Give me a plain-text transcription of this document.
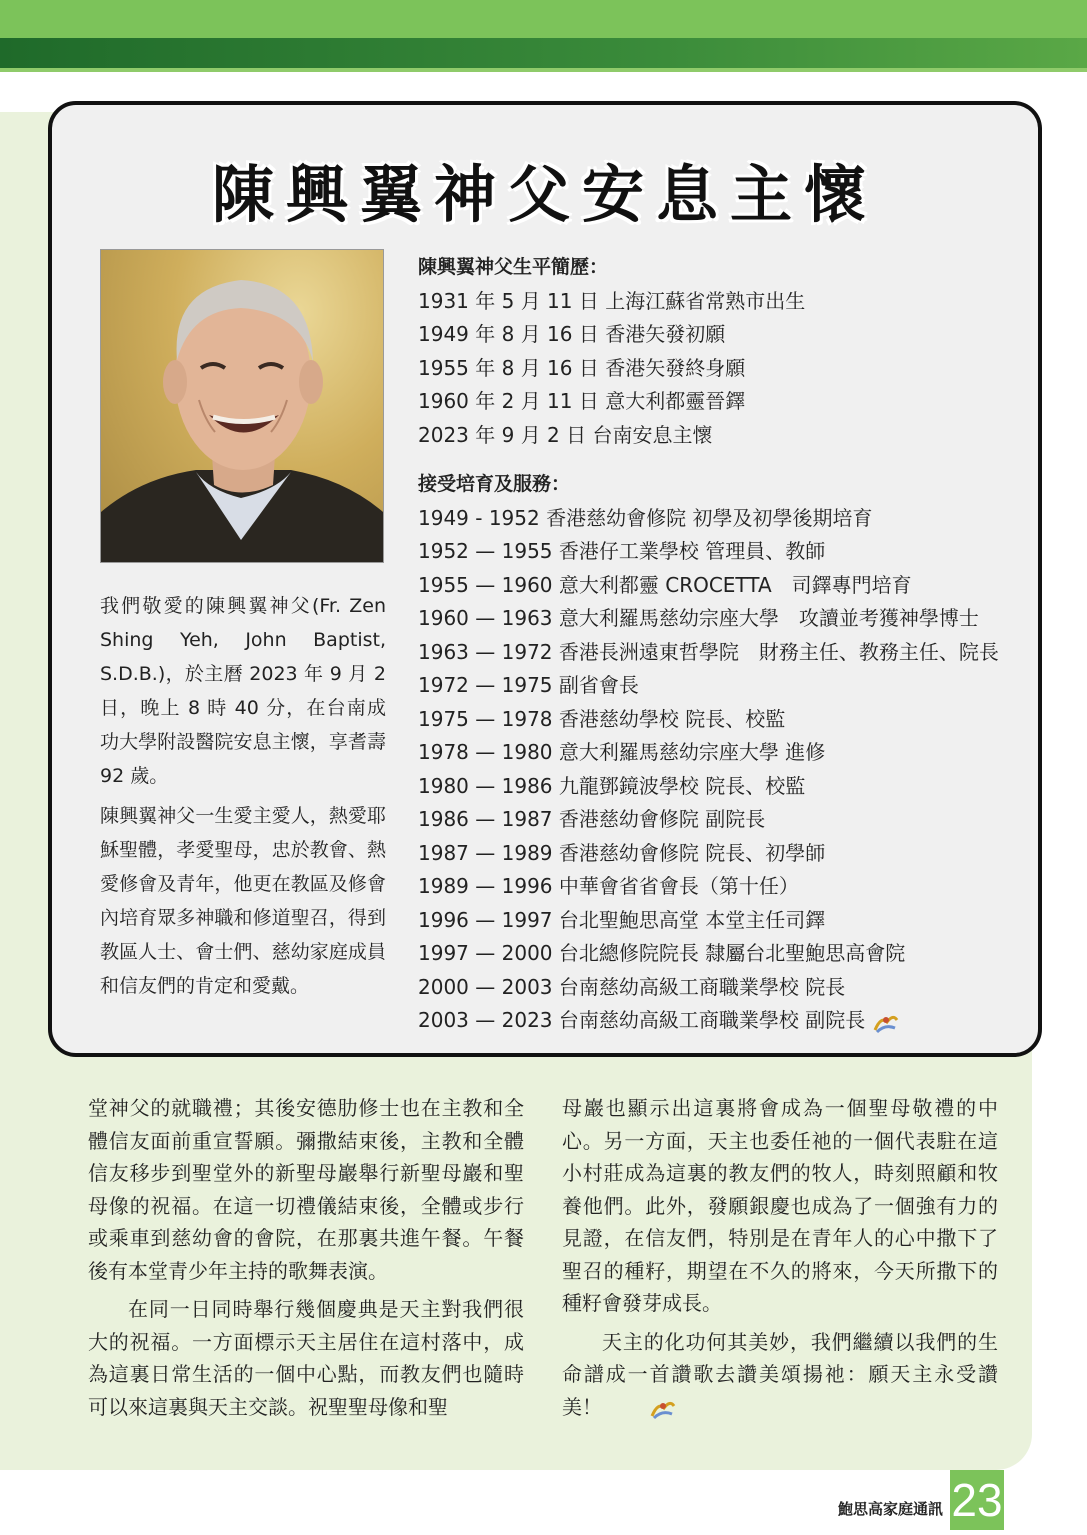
陳興翼神父安息主懷

我們敬愛的陳興翼神父(Fr. Zen Shing Yeh, John Baptist, S.D.B.)，於主曆 2023 年 9 月 2 日，晚上 8 時 40 分，在台南成功大學附設醫院安息主懷，享耆壽 92 歲。

陳興翼神父一生愛主愛人，熱愛耶穌聖體，孝愛聖母，忠於教會、熱愛修會及青年，他更在教區及修會內培育眾多神職和修道聖召，得到教區人士、會士們、慈幼家庭成員和信友們的肯定和愛戴。

陳興翼神父生平簡歷：
1931 年 5 月 11 日 上海江蘇省常熟市出生
1949 年 8 月 16 日 香港矢發初願
1955 年 8 月 16 日 香港矢發終身願
1960 年 2 月 11 日 意大利都靈晉鐸
2023 年 9 月 2 日 台南安息主懷
接受培育及服務：
1949 - 1952 香港慈幼會修院 初學及初學後期培育
1952 — 1955 香港仔工業學校 管理員、教師
1955 — 1960 意大利都靈 CROCETTA　司鐸專門培育
1960 — 1963 意大利羅馬慈幼宗座大學　攻讀並考獲神學博士
1963 — 1972 香港長洲遠東哲學院　財務主任、教務主任、院長
1972 — 1975 副省會長
1975 — 1978 香港慈幼學校 院長、校監
1978 — 1980 意大利羅馬慈幼宗座大學 進修
1980 — 1986 九龍鄧鏡波學校 院長、校監
1986 — 1987 香港慈幼會修院 副院長
1987 — 1989 香港慈幼會修院 院長、初學師
1989 — 1996 中華會省省會長（第十任）
1996 — 1997 台北聖鮑思高堂 本堂主任司鐸
1997 — 2000 台北總修院院長 隸屬台北聖鮑思高會院
2000 — 2003 台南慈幼高級工商職業學校 院長
2003 — 2023 台南慈幼高級工商職業學校 副院長

堂神父的就職禮；其後安德肋修士也在主教和全體信友面前重宣誓願。彌撒結束後，主教和全體信友移步到聖堂外的新聖母巖舉行新聖母巖和聖母像的祝福。在這一切禮儀結束後，全體或步行或乘車到慈幼會的會院，在那裏共進午餐。午餐後有本堂青少年主持的歌舞表演。

在同一日同時舉行幾個慶典是天主對我們很大的祝福。一方面標示天主居住在這村落中，成為這裏日常生活的一個中心點，而教友們也隨時可以來這裏與天主交談。祝聖聖母像和聖

母巖也顯示出這裏將會成為一個聖母敬禮的中心。另一方面，天主也委任祂的一個代表駐在這小村莊成為這裏的教友們的牧人，時刻照顧和牧養他們。此外，發願銀慶也成為了一個強有力的見證，在信友們，特別是在青年人的心中撒下了聖召的種籽，期望在不久的將來，今天所撒下的種籽會發芽成長。

天主的化功何其美妙，我們繼續以我們的生命譜成一首讚歌去讚美頌揚祂：願天主永受讚美！

鮑思高家庭通訊 23
